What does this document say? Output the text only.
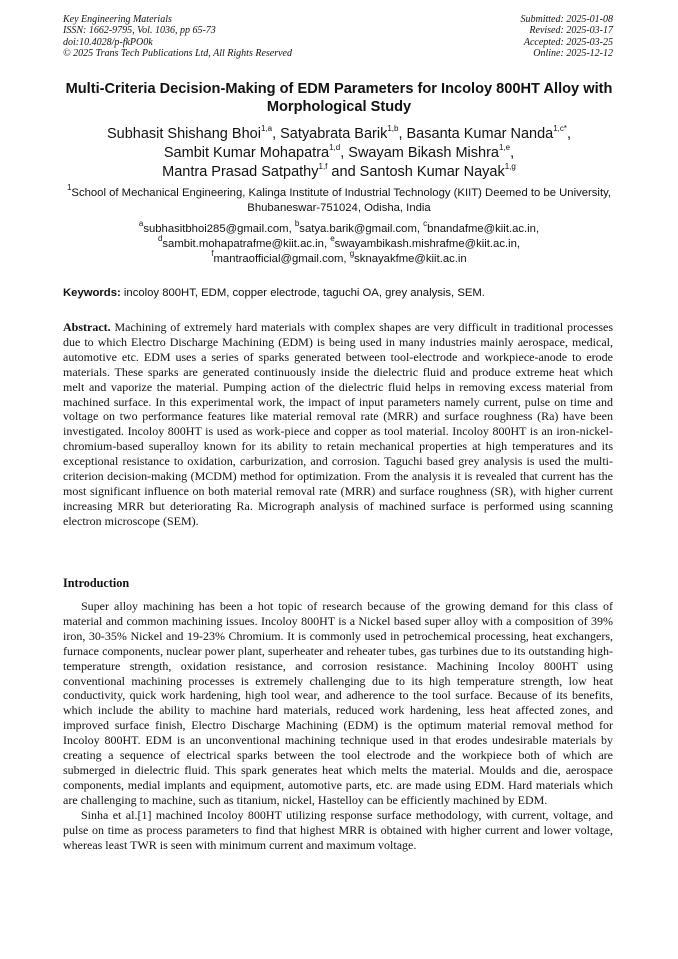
Key Engineering Materials
ISSN: 1662-9795, Vol. 1036, pp 65-73
doi:10.4028/p-fkPO0k
© 2025 Trans Tech Publications Ltd, All Rights Reserved
Submitted: 2025-01-08
Revised: 2025-03-17
Accepted: 2025-03-25
Online: 2025-12-12
Multi-Criteria Decision-Making of EDM Parameters for Incoloy 800HT Alloy with Morphological Study
Subhasit Shishang Bhoi$^{1,a}$, Satyabrata Barik$^{1,b}$, Basanta Kumar Nanda$^{1,c*}$,
Sambit Kumar Mohapatra$^{1,d}$, Swayam Bikash Mishra$^{1,e}$,
Mantra Prasad Satpathy$^{1,f}$ and Santosh Kumar Nayak$^{1,g}$
$^1$School of Mechanical Engineering, Kalinga Institute of Industrial Technology (KIIT) Deemed to be University, Bhubaneswar-751024, Odisha, India
$^a$subhasitbhoi285@gmail.com, $^b$satya.barik@gmail.com, $^c$bnandafme@kiit.ac.in,
$^d$sambit.mohapatrafme@kiit.ac.in, $^e$swayambikash.mishrafme@kiit.ac.in,
$^f$mantraofficial@gmail.com, $^g$sknayakfme@kiit.ac.in
Keywords: incoloy 800HT, EDM, copper electrode, taguchi OA, grey analysis, SEM.
Abstract. Machining of extremely hard materials with complex shapes are very difficult in traditional processes due to which Electro Discharge Machining (EDM) is being used in many industries mainly aerospace, medical, automotive etc. EDM uses a series of sparks generated between tool-electrode and workpiece-anode to erode materials. These sparks are generated continuously inside the dielectric fluid and produce extreme heat which melt and vaporize the material. Pumping action of the dielectric fluid helps in removing excess material from machined surface. In this experimental work, the impact of input parameters namely current, pulse on time and voltage on two performance features like material removal rate (MRR) and surface roughness (Ra) have been investigated. Incoloy 800HT is used as work-piece and copper as tool material. Incoloy 800HT is an iron-nickel-chromium-based superalloy known for its ability to retain mechanical properties at high temperatures and its exceptional resistance to oxidation, carburization, and corrosion. Taguchi based grey analysis is used the multi-criterion decision-making (MCDM) method for optimization. From the analysis it is revealed that current has the most significant influence on both material removal rate (MRR) and surface roughness (SR), with higher current increasing MRR but deteriorating Ra. Micrograph analysis of machined surface is performed using scanning electron microscope (SEM).
Introduction

Super alloy machining has been a hot topic of research because of the growing demand for this class of material and common machining issues. Incoloy 800HT is a Nickel based super alloy with a composition of 39% iron, 30-35% Nickel and 19-23% Chromium. It is commonly used in petrochemical processing, heat exchangers, furnace components, nuclear power plant, superheater and reheater tubes, gas turbines due to its outstanding high-temperature strength, oxidation resistance, and corrosion resistance. Machining Incoloy 800HT using conventional machining processes is extremely challenging due to its high temperature strength, low heat conductivity, quick work hardening, high tool wear, and adherence to the tool surface. Because of its benefits, which include the ability to machine hard materials, reduced work hardening, less heat affected zones, and improved surface finish, Electro Discharge Machining (EDM) is the optimum material removal method for Incoloy 800HT. EDM is an unconventional machining technique used in that erodes undesirable materials by creating a sequence of electrical sparks between the tool electrode and the workpiece both of which are submerged in dielectric fluid. This spark generates heat which melts the material. Moulds and die, aerospace components, medial implants and equipment, automotive parts, etc. are made using EDM. Hard materials which are challenging to machine, such as titanium, nickel, Hastelloy can be efficiently machined by EDM.

Sinha et al.[1] machined Incoloy 800HT utilizing response surface methodology, with current, voltage, and pulse on time as process parameters to find that highest MRR is obtained with higher current and lower voltage, whereas least TWR is seen with minimum current and maximum voltage.
